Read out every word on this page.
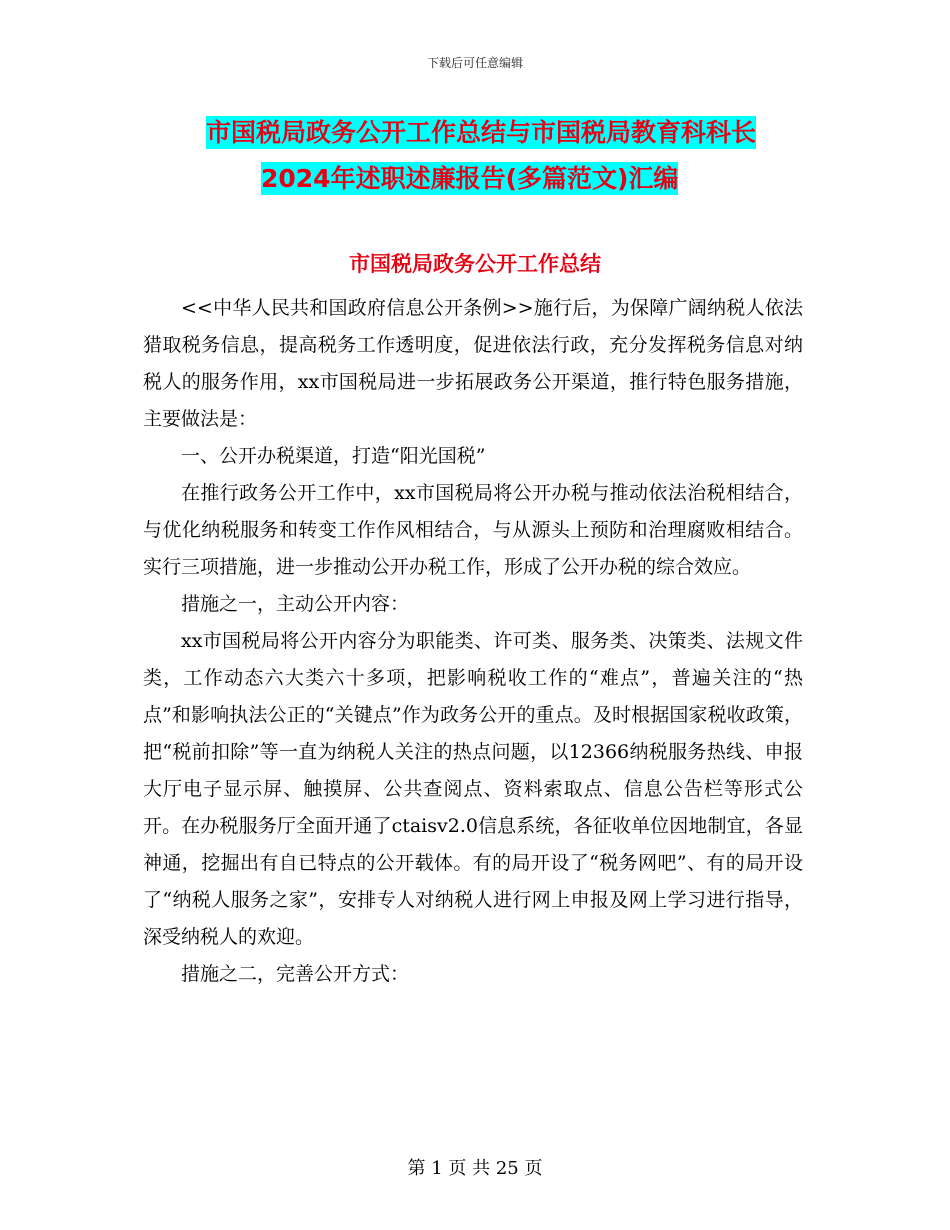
下载后可任意编辑
市国税局政务公开工作总结与市国税局教育科科长
2024年述职述廉报告(多篇范文)汇编
市国税局政务公开工作总结

<<中华人民共和国政府信息公开条例>>施行后，为保障广阔纳税人依法猎取税务信息，提高税务工作透明度，促进依法行政，充分发挥税务信息对纳税人的服务作用，xx市国税局进一步拓展政务公开渠道，推行特色服务措施，主要做法是：

一、公开办税渠道，打造“阳光国税”

在推行政务公开工作中，xx市国税局将公开办税与推动依法治税相结合，与优化纳税服务和转变工作作风相结合，与从源头上预防和治理腐败相结合。实行三项措施，进一步推动公开办税工作，形成了公开办税的综合效应。

措施之一，主动公开内容：

xx市国税局将公开内容分为职能类、许可类、服务类、决策类、法规文件类，工作动态六大类六十多项，把影响税收工作的“难点”，普遍关注的“热点”和影响执法公正的“关键点”作为政务公开的重点。及时根据国家税收政策，把“税前扣除”等一直为纳税人关注的热点问题，以12366纳税服务热线、申报大厅电子显示屏、触摸屏、公共查阅点、资料索取点、信息公告栏等形式公开。在办税服务厅全面开通了ctaisv2.0信息系统，各征收单位因地制宜，各显神通，挖掘出有自已特点的公开载体。有的局开设了“税务网吧”、有的局开设了“纳税人服务之家”，安排专人对纳税人进行网上申报及网上学习进行指导，深受纳税人的欢迎。

措施之二，完善公开方式：

第 1 页 共 25 页
